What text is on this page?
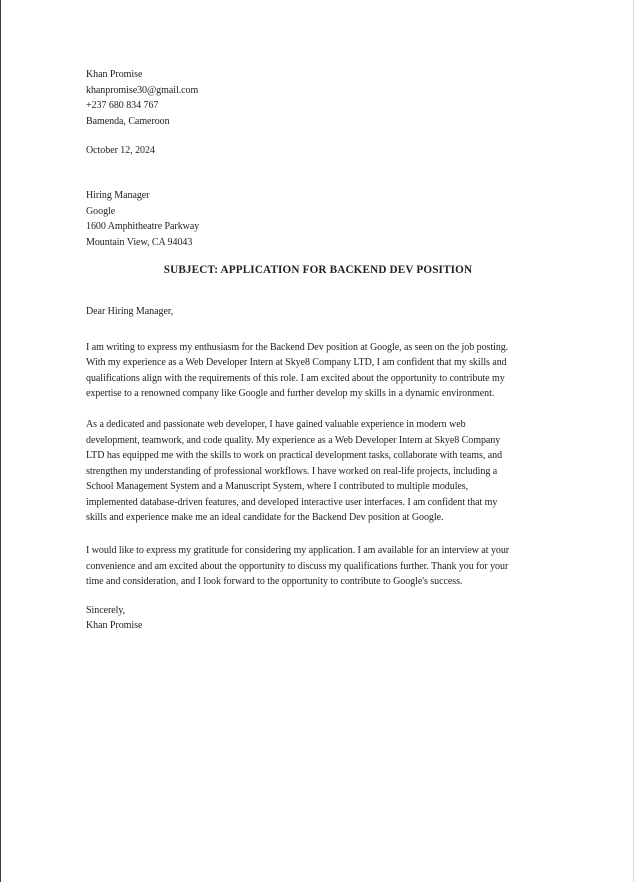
Khan Promise
khanpromise30@gmail.com
+237 680 834 767
Bamenda, Cameroon
October 12, 2024
Hiring Manager
Google
1600 Amphitheatre Parkway
Mountain View, CA 94043
SUBJECT: APPLICATION FOR BACKEND DEV POSITION
Dear Hiring Manager,
I am writing to express my enthusiasm for the Backend Dev position at Google, as seen on the job posting.
With my experience as a Web Developer Intern at Skye8 Company LTD, I am confident that my skills and
qualifications align with the requirements of this role. I am excited about the opportunity to contribute my
expertise to a renowned company like Google and further develop my skills in a dynamic environment.
As a dedicated and passionate web developer, I have gained valuable experience in modern web
development, teamwork, and code quality. My experience as a Web Developer Intern at Skye8 Company
LTD has equipped me with the skills to work on practical development tasks, collaborate with teams, and
strengthen my understanding of professional workflows. I have worked on real-life projects, including a
School Management System and a Manuscript System, where I contributed to multiple modules,
implemented database-driven features, and developed interactive user interfaces. I am confident that my
skills and experience make me an ideal candidate for the Backend Dev position at Google.
I would like to express my gratitude for considering my application. I am available for an interview at your
convenience and am excited about the opportunity to discuss my qualifications further. Thank you for your
time and consideration, and I look forward to the opportunity to contribute to Google's success.
Sincerely,
Khan Promise
